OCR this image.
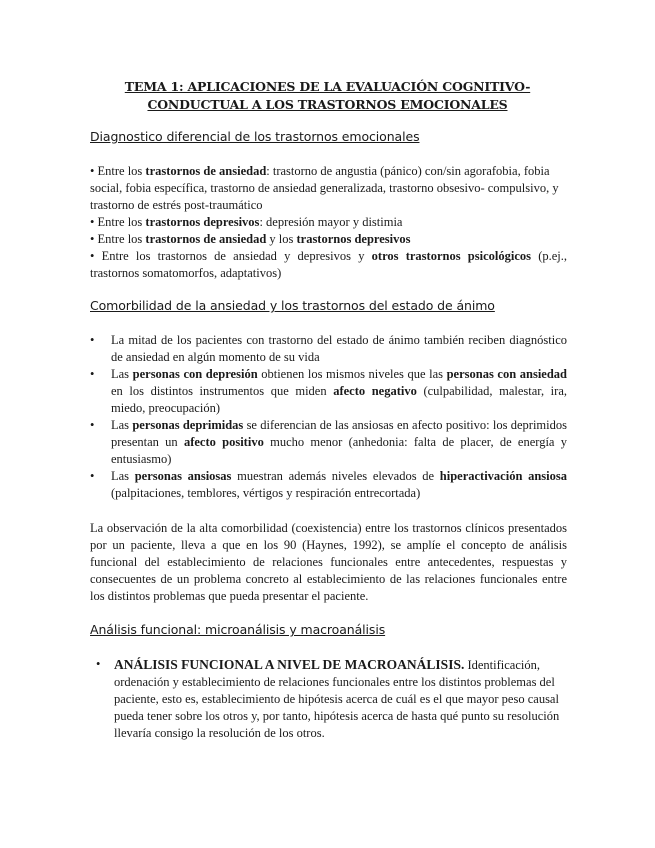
TEMA 1: APLICACIONES DE LA EVALUACIÓN COGNITIVO-
CONDUCTUAL A LOS TRASTORNOS EMOCIONALES
Diagnostico diferencial de los trastornos emocionales

• Entre los trastornos de ansiedad: trastorno de angustia (pánico) con/sin agorafobia, fobia social, fobia específica, trastorno de ansiedad generalizada, trastorno obsesivo- compulsivo, y trastorno de estrés post-traumático

• Entre los trastornos depresivos: depresión mayor y distimia

• Entre los trastornos de ansiedad y los trastornos depresivos

• Entre los trastornos de ansiedad y depresivos y otros trastornos psicológicos (p.ej., trastornos somatomorfos, adaptativos)

Comorbilidad de la ansiedad y los trastornos del estado de ánimo
• La mitad de los pacientes con trastorno del estado de ánimo también reciben diagnóstico de ansiedad en algún momento de su vida
• Las personas con depresión obtienen los mismos niveles que las personas con ansiedad en los distintos instrumentos que miden afecto negativo (culpabilidad, malestar, ira, miedo, preocupación)
• Las personas deprimidas se diferencian de las ansiosas en afecto positivo: los deprimidos presentan un afecto positivo mucho menor (anhedonia: falta de placer, de energía y entusiasmo)
• Las personas ansiosas muestran además niveles elevados de hiperactivación ansiosa (palpitaciones, temblores, vértigos y respiración entrecortada)

La observación de la alta comorbilidad (coexistencia) entre los trastornos clínicos presentados por un paciente, lleva a que en los 90 (Haynes, 1992), se amplíe el concepto de análisis funcional del establecimiento de relaciones funcionales entre antecedentes, respuestas y consecuentes de un problema concreto al establecimiento de las relaciones funcionales entre los distintos problemas que pueda presentar el paciente.

Análisis funcional: microanálisis y macroanálisis
• ANÁLISIS FUNCIONAL A NIVEL DE MACROANÁLISIS. Identificación, ordenación y establecimiento de relaciones funcionales entre los distintos problemas del paciente, esto es, establecimiento de hipótesis acerca de cuál es el que mayor peso causal pueda tener sobre los otros y, por tanto, hipótesis acerca de hasta qué punto su resolución llevaría consigo la resolución de los otros.
